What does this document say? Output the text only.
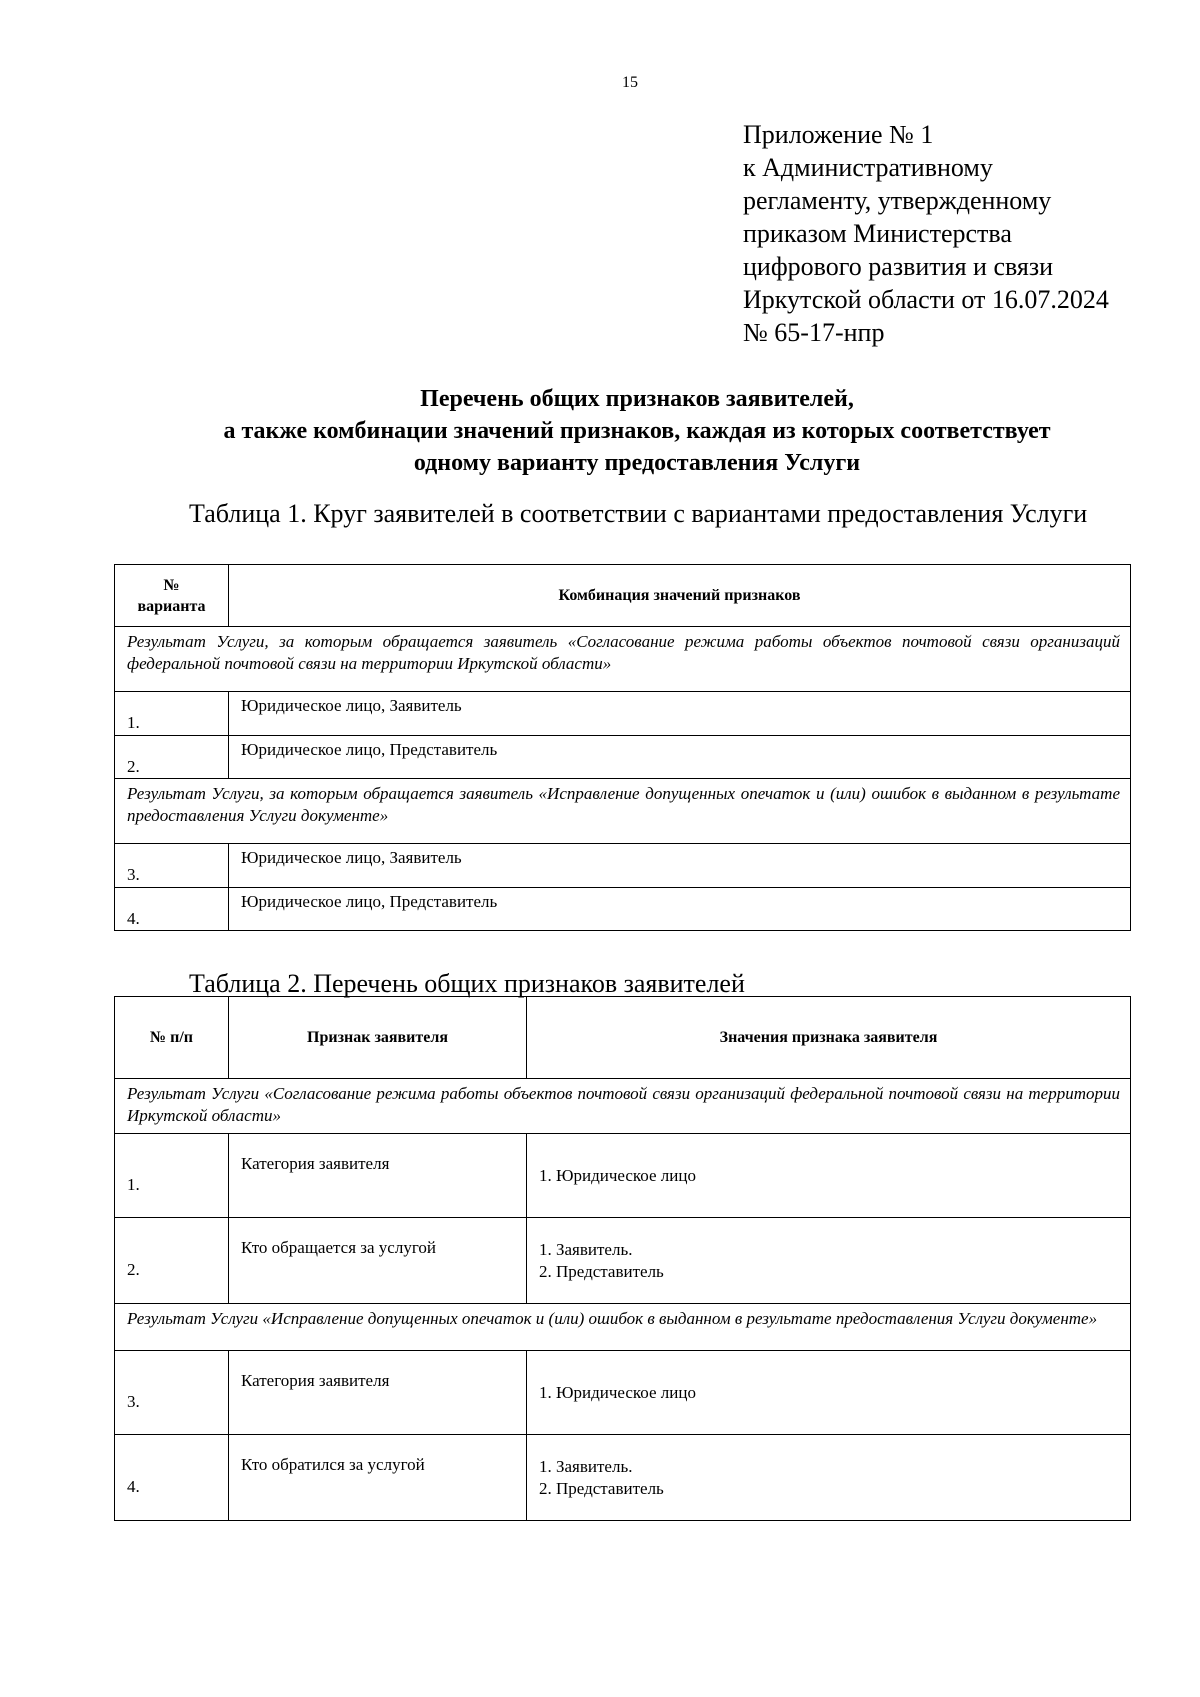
15
Приложение № 1
к Административному
регламенту, утвержденному
приказом Министерства
цифрового развития и связи
Иркутской области от 16.07.2024
№ 65-17-нпр
Перечень общих признаков заявителей,
а также комбинации значений признаков, каждая из которых соответствует
одному варианту предоставления Услуги
Таблица 1. Круг заявителей в соответствии с вариантами предоставления Услуги
№
варианта	Комбинация значений признаков
Результат Услуги, за которым обращается заявитель «Согласование режима работы объектов почтовой связи организаций федеральной почтовой связи на территории Иркутской области»	
1.	Юридическое лицо, Заявитель
2.	Юридическое лицо, Представитель
Результат Услуги, за которым обращается заявитель «Исправление допущенных опечаток и (или) ошибок в выданном в результате предоставления Услуги документе»	
3.	Юридическое лицо, Заявитель
4.	Юридическое лицо, Представитель
Таблица 2. Перечень общих признаков заявителей
№ п/п	Признак заявителя	Значения признака заявителя
Результат Услуги «Согласование режима работы объектов почтовой связи организаций федеральной почтовой связи на территории Иркутской области»		
1.	Категория заявителя	1. Юридическое лицо

2.	Кто обращается за услугой	1. Заявитель.
2. Представитель

Результат Услуги «Исправление допущенных опечаток и (или) ошибок в выданном в результате предоставления Услуги документе»		
3.	Категория заявителя	1. Юридическое лицо

4.	Кто обратился за услугой	1. Заявитель.
2. Представитель
